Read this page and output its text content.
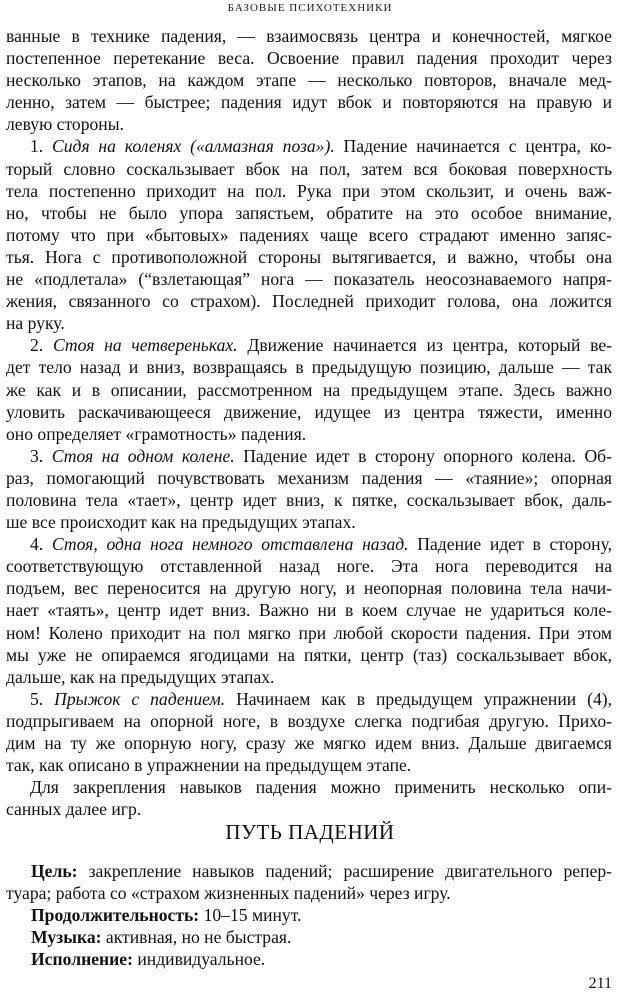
БАЗОВЫЕ ПСИХОТЕХНИКИ

ванные в технике падения, — взаимосвязь центра и конечностей, мягкое
постепенное перетекание веса. Освоение правил падения проходит через
несколько этапов, на каждом этапе — несколько повторов, вначале мед-
ленно, затем — быстрее; падения идут вбок и повторяются на правую и
левую стороны.

1. Сидя на коленях («алмазная поза»). Падение начинается с центра, ко-
торый словно соскальзывает вбок на пол, затем вся боковая поверхность
тела постепенно приходит на пол. Рука при этом скользит, и очень важ-
но, чтобы не было упора запястьем, обратите на это особое внимание,
потому что при «бытовых» падениях чаще всего страдают именно запяс-
тья. Нога с противоположной стороны вытягивается, и важно, чтобы она
не «подлетала» (“взлетающая” нога — показатель неосознаваемого напря-
жения, связанного со страхом). Последней приходит голова, она ложится
на руку.

2. Стоя на четвереньках. Движение начинается из центра, который ве-
дет тело назад и вниз, возвращаясь в предыдущую позицию, дальше — так
же как и в описании, рассмотренном на предыдущем этапе. Здесь важно
уловить раскачивающееся движение, идущее из центра тяжести, именно
оно определяет «грамотность» падения.

3. Стоя на одном колене. Падение идет в сторону опорного колена. Об-
раз, помогающий почувствовать механизм падения — «таяние»; опорная
половина тела «тает», центр идет вниз, к пятке, соскальзывает вбок, даль-
ше все происходит как на предыдущих этапах.

4. Стоя, одна нога немного отставлена назад. Падение идет в сторону,
соответствующую отставленной назад ноге. Эта нога переводится на
подъем, вес переносится на другую ногу, и неопорная половина тела начи-
нает «таять», центр идет вниз. Важно ни в коем случае не удариться коле-
ном! Колено приходит на пол мягко при любой скорости падения. При этом
мы уже не опираемся ягодицами на пятки, центр (таз) соскальзывает вбок,
дальше, как на предыдущих этапах.

5. Прыжок с падением. Начинаем как в предыдущем упражнении (4),
подпрыгиваем на опорной ноге, в воздухе слегка подгибая другую. Прихо-
дим на ту же опорную ногу, сразу же мягко идем вниз. Дальше двигаемся
так, как описано в упражнении на предыдущем этапе.

Для закрепления навыков падения можно применить несколько опи-
санных далее игр.

ПУТЬ ПАДЕНИЙ
Цель: закрепление навыков падений; расширение двигательного репер-
туара; работа со «страхом жизненных падений» через игру.
Продолжительность: 10–15 минут.
Музыка: активная, но не быстрая.
Исполнение: индивидуальное.
211
